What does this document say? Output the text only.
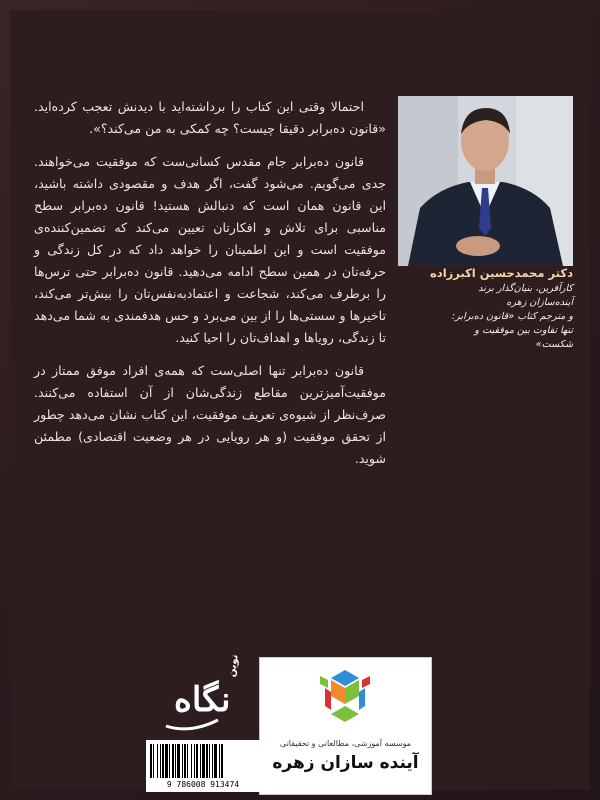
احتمالا وقتی این کتاب را برداشته‌اید با دیدنش تعجب کرده‌اید. «قانون ده‌برابر دقیقا چیست؟ چه کمکی به من می‌کند؟».

قانون ده‌برابر جام مقدس کسانی‌ست که موفقیت می‌خواهند. جدی می‌گویم. می‌شود گفت، اگر هدف و مقصودی داشته باشید، این قانون همان است که دنبالش هستید! قانون ده‌برابر سطح مناسبی برای تلاش و افکارتان تعیین می‌کند که تضمین‌کننده‌ی موفقیت است و این اطمینان را خواهد داد که در کل زندگی و حرفه‌تان در همین سطح ادامه می‌دهید. قانون ده‌برابر حتی ترس‌ها را برطرف می‌کند، شجاعت و اعتمادبه‌نفس‌تان را بیش‌تر می‌کند، تاخیرها و سستی‌ها را از بین می‌برد و حس هدفمندی به شما می‌دهد تا زندگی، رویاها و اهداف‌تان را احیا کنید.

قانون ده‌برابر تنها اصلی‌ست که همه‌ی افراد موفق ممتاز در موفقیت‌آمیزترین مقاطع زندگی‌شان از آن استفاده می‌کنند. صرف‌نظر از شیوه‌ی تعریف موفقیت، این کتاب نشان می‌دهد چطور از تحقق موفقیت (و هر رویایی در هر وضعیت اقتصادی) مطمئن شوید.

دکتر محمدحسین اکبرزاده
کارآفرین، بنیان‌گذار برند
آینده‌سازان زهره
و مترجم کتاب «قانون ده‌برابر:
تنها تفاوت بین موفقیت و
شکست»
نگاه
نوین
موسسه آموزشی، مطالعاتی و تحقیقاتی
آینده سازان زهره
9 786008 913474
